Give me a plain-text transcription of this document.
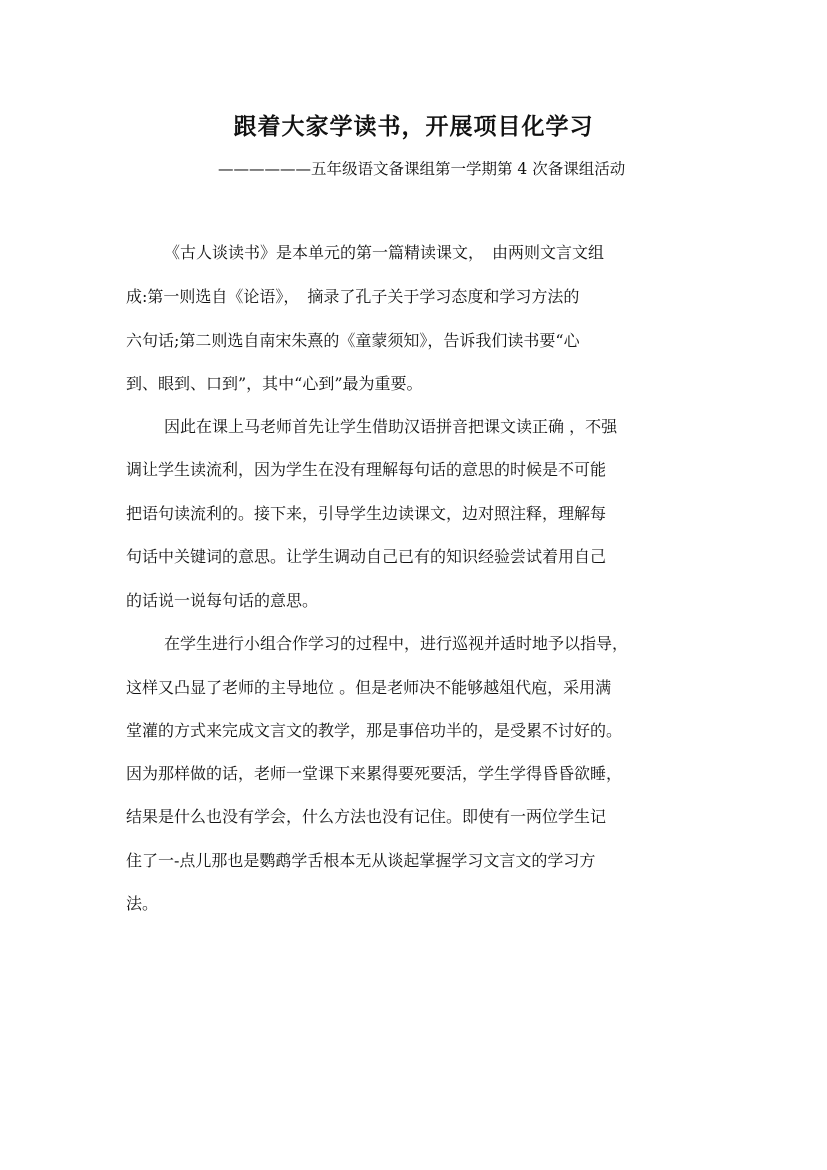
跟着大家学读书，开展项目化学习

——————五年级语文备课组第一学期第 4 次备课组活动

《古人谈读书》是本单元的第一篇精读课文，　由两则文言文组

成:第一则选自《论语》，　摘录了孔子关于学习态度和学习方法的

六句话;第二则选自南宋朱熹的《童蒙须知》，告诉我们读书要“心

到、眼到、口到”，其中“心到”最为重要。

因此在课上马老师首先让学生借助汉语拼音把课文读正确 ，不强

调让学生读流利，因为学生在没有理解每句话的意思的时候是不可能

把语句读流利的。接下来，引导学生边读课文，边对照注释，理解每

句话中关键词的意思。让学生调动自己已有的知识经验尝试着用自己

的话说一说每句话的意思。

在学生进行小组合作学习的过程中，进行巡视并适时地予以指导，

这样又凸显了老师的主导地位 。但是老师决不能够越俎代庖，采用满

堂灌的方式来完成文言文的教学，那是事倍功半的，是受累不讨好的。

因为那样做的话，老师一堂课下来累得要死要活，学生学得昏昏欲睡，

结果是什么也没有学会，什么方法也没有记住。即使有一两位学生记

住了一-点儿那也是鹦鹉学舌根本无从谈起掌握学习文言文的学习方

法。
